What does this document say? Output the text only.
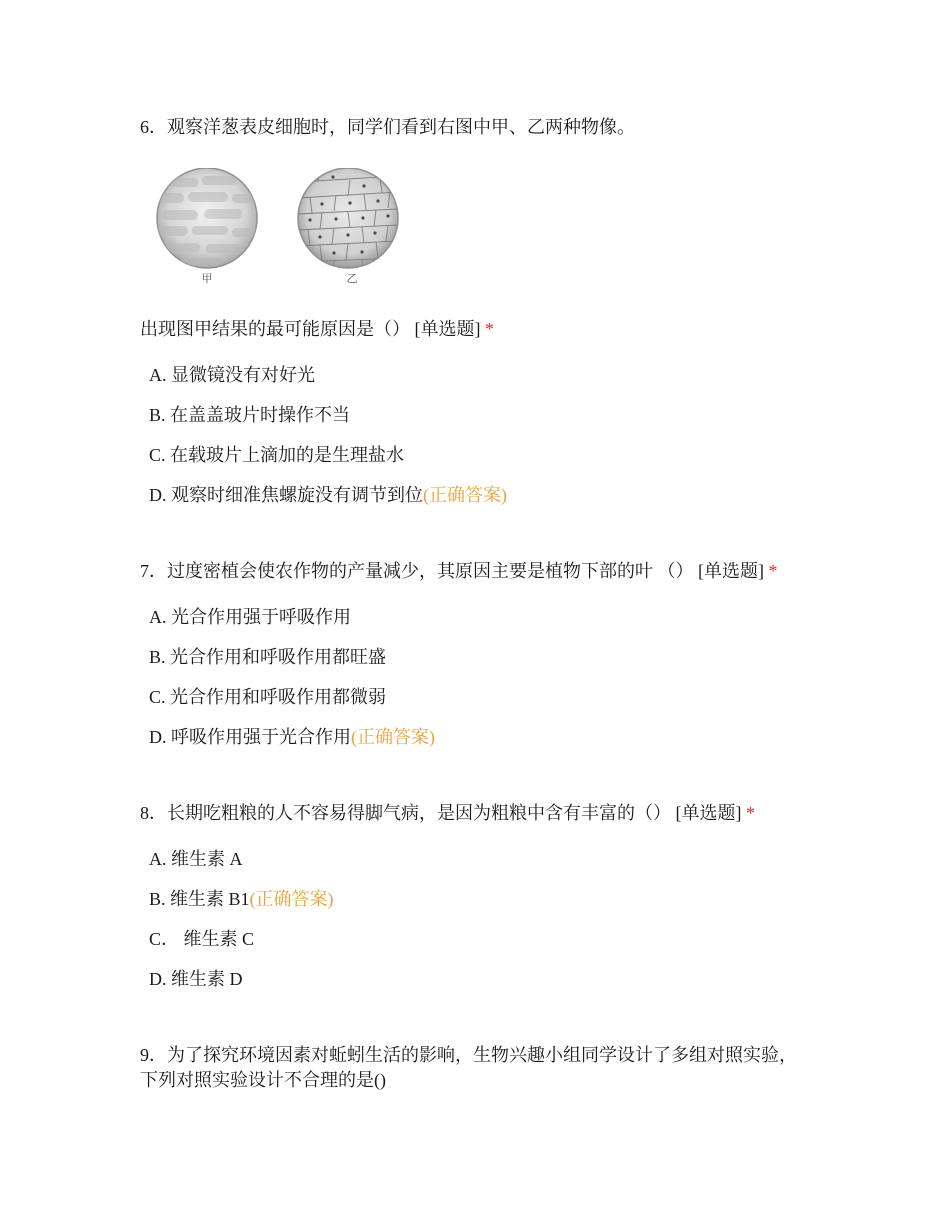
6．观察洋葱表皮细胞时，同学们看到右图中甲、乙两种物像。
甲	乙
出现图甲结果的最可能原因是（） [单选题] *
A. 显微镜没有对好光
B. 在盖盖玻片时操作不当
C. 在载玻片上滴加的是生理盐水
D. 观察时细准焦螺旋没有调节到位(正确答案)
7．过度密植会使农作物的产量减少，其原因主要是植物下部的叶 （） [单选题] *
A. 光合作用强于呼吸作用
B. 光合作用和呼吸作用都旺盛
C. 光合作用和呼吸作用都微弱
D. 呼吸作用强于光合作用(正确答案)
8．长期吃粗粮的人不容易得脚气病，是因为粗粮中含有丰富的（） [单选题] *
A. 维生素 A
B. 维生素 B1(正确答案)
C． 维生素 C
D. 维生素 D
9．为了探究环境因素对蚯蚓生活的影响，生物兴趣小组同学设计了多组对照实验，下列对照实验设计不合理的是()
